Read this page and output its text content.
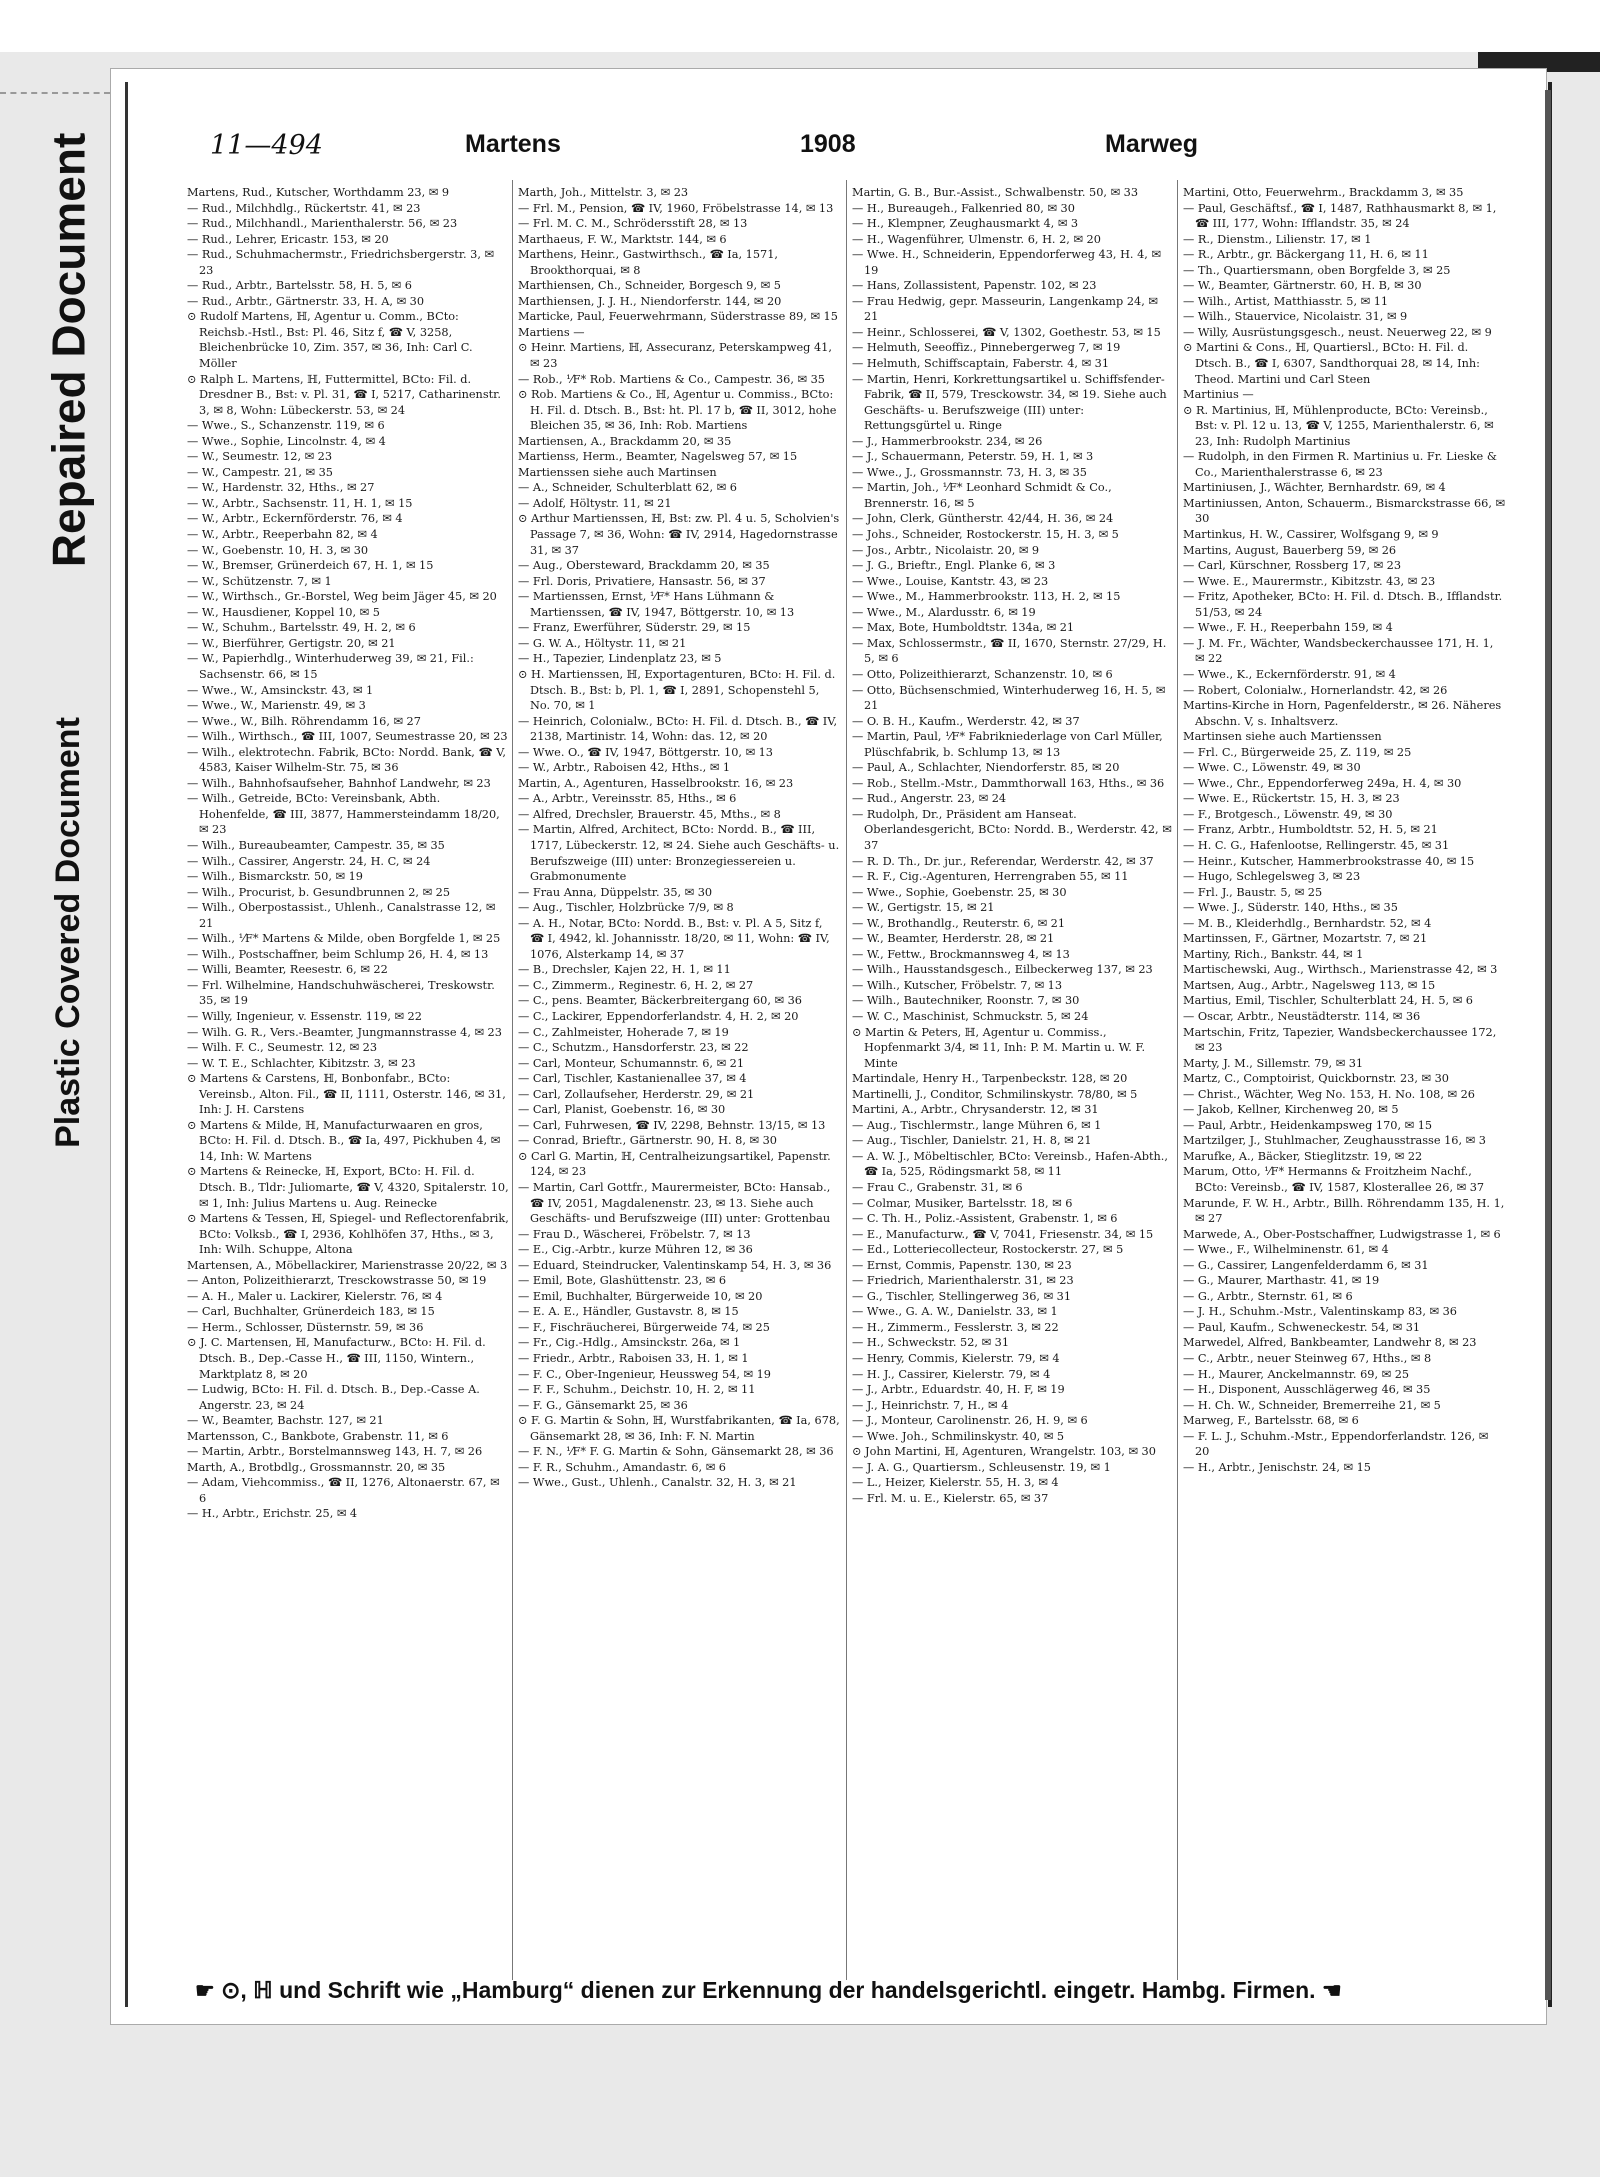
Repaired Document
Plastic Covered Document
11—494	Martens	1908	Marweg

Martens, Rud., Kutscher, Worthdamm 23, ✉ 9

— Rud., Milchhdlg., Rückertstr. 41, ✉ 23

— Rud., Milchhandl., Marienthalerstr. 56, ✉ 23

— Rud., Lehrer, Ericastr. 153, ✉ 20

— Rud., Schuhmachermstr., Friedrichsbergerstr. 3, ✉ 23

— Rud., Arbtr., Bartelsstr. 58, H. 5, ✉ 6

— Rud., Arbtr., Gärtnerstr. 33, H. A, ✉ 30

⊙ Rudolf Martens, ℍ, Agentur u. Comm., BCto: Reichsb.-Hstl., Bst: Pl. 46, Sitz f, ☎ V, 3258, Bleichenbrücke 10, Zim. 357, ✉ 36, Inh: Carl C. Möller

⊙ Ralph L. Martens, ℍ, Futtermittel, BCto: Fil. d. Dresdner B., Bst: v. Pl. 31, ☎ I, 5217, Catharinenstr. 3, ✉ 8, Wohn: Lübeckerstr. 53, ✉ 24

— Wwe., S., Schanzenstr. 119, ✉ 6

— Wwe., Sophie, Lincolnstr. 4, ✉ 4

— W., Seumestr. 12, ✉ 23

— W., Campestr. 21, ✉ 35

— W., Hardenstr. 32, Hths., ✉ 27

— W., Arbtr., Sachsenstr. 11, H. 1, ✉ 15

— W., Arbtr., Eckernförderstr. 76, ✉ 4

— W., Arbtr., Reeperbahn 82, ✉ 4

— W., Goebenstr. 10, H. 3, ✉ 30

— W., Bremser, Grünerdeich 67, H. 1, ✉ 15

— W., Schützenstr. 7, ✉ 1

— W., Wirthsch., Gr.-Borstel, Weg beim Jäger 45, ✉ 20

— W., Hausdiener, Koppel 10, ✉ 5

— W., Schuhm., Bartelsstr. 49, H. 2, ✉ 6

— W., Bierführer, Gertigstr. 20, ✉ 21

— W., Papierhdlg., Winterhuderweg 39, ✉ 21, Fil.: Sachsenstr. 66, ✉ 15

— Wwe., W., Amsinckstr. 43, ✉ 1

— Wwe., W., Marienstr. 49, ✉ 3

— Wwe., W., Bilh. Röhrendamm 16, ✉ 27

— Wilh., Wirthsch., ☎ III, 1007, Seumestrasse 20, ✉ 23

— Wilh., elektrotechn. Fabrik, BCto: Nordd. Bank, ☎ V, 4583, Kaiser Wilhelm-Str. 75, ✉ 36

— Wilh., Bahnhofsaufseher, Bahnhof Landwehr, ✉ 23

— Wilh., Getreide, BCto: Vereinsbank, Abth. Hohenfelde, ☎ III, 3877, Hammersteindamm 18/20, ✉ 23

— Wilh., Bureaubeamter, Campestr. 35, ✉ 35

— Wilh., Cassirer, Angerstr. 24, H. C, ✉ 24

— Wilh., Bismarckstr. 50, ✉ 19

— Wilh., Procurist, b. Gesundbrunnen 2, ✉ 25

— Wilh., Oberpostassist., Uhlenh., Canalstrasse 12, ✉ 21

— Wilh., ⅟F* Martens & Milde, oben Borgfelde 1, ✉ 25

— Wilh., Postschaffner, beim Schlump 26, H. 4, ✉ 13

— Willi, Beamter, Reesestr. 6, ✉ 22

— Frl. Wilhelmine, Handschuhwäscherei, Treskowstr. 35, ✉ 19

— Willy, Ingenieur, v. Essenstr. 119, ✉ 22

— Wilh. G. R., Vers.-Beamter, Jungmannstrasse 4, ✉ 23

— Wilh. F. C., Seumestr. 12, ✉ 23

— W. T. E., Schlachter, Kibitzstr. 3, ✉ 23

⊙ Martens & Carstens, ℍ, Bonbonfabr., BCto: Vereinsb., Alton. Fil., ☎ II, 1111, Osterstr. 146, ✉ 31, Inh: J. H. Carstens

⊙ Martens & Milde, ℍ, Manufacturwaaren en gros, BCto: H. Fil. d. Dtsch. B., ☎ Ia, 497, Pickhuben 4, ✉ 14, Inh: W. Martens

⊙ Martens & Reinecke, ℍ, Export, BCto: H. Fil. d. Dtsch. B., Tldr: Juliomarte, ☎ V, 4320, Spitalerstr. 10, ✉ 1, Inh: Julius Martens u. Aug. Reinecke

⊙ Martens & Tessen, ℍ, Spiegel- und Reflectorenfabrik, BCto: Volksb., ☎ I, 2936, Kohlhöfen 37, Hths., ✉ 3, Inh: Wilh. Schuppe, Altona

Martensen, A., Möbellackirer, Marienstrasse 20/22, ✉ 3

— Anton, Polizeithierarzt, Tresckowstrasse 50, ✉ 19

— A. H., Maler u. Lackirer, Kielerstr. 76, ✉ 4

— Carl, Buchhalter, Grünerdeich 183, ✉ 15

— Herm., Schlosser, Düsternstr. 59, ✉ 36

⊙ J. C. Martensen, ℍ, Manufacturw., BCto: H. Fil. d. Dtsch. B., Dep.-Casse H., ☎ III, 1150, Wintern., Marktplatz 8, ✉ 20

— Ludwig, BCto: H. Fil. d. Dtsch. B., Dep.-Casse A. Angerstr. 23, ✉ 24

— W., Beamter, Bachstr. 127, ✉ 21

Martensson, C., Bankbote, Grabenstr. 11, ✉ 6

— Martin, Arbtr., Borstelmannsweg 143, H. 7, ✉ 26

Marth, A., Brotbdlg., Grossmannstr. 20, ✉ 35

— Adam, Viehcommiss., ☎ II, 1276, Altonaerstr. 67, ✉ 6

— H., Arbtr., Erichstr. 25, ✉ 4

Marth, Joh., Mittelstr. 3, ✉ 23

— Frl. M., Pension, ☎ IV, 1960, Fröbelstrasse 14, ✉ 13

— Frl. M. C. M., Schrödersstift 28, ✉ 13

Marthaeus, F. W., Marktstr. 144, ✉ 6

Marthens, Heinr., Gastwirthsch., ☎ Ia, 1571, Brookthorquai, ✉ 8

Marthiensen, Ch., Schneider, Borgesch 9, ✉ 5

Marthiensen, J. J. H., Niendorferstr. 144, ✉ 20

Marticke, Paul, Feuerwehrmann, Süderstrasse 89, ✉ 15

Martiens —

⊙ Heinr. Martiens, ℍ, Assecuranz, Peterskampweg 41, ✉ 23

— Rob., ⅟F* Rob. Martiens & Co., Campestr. 36, ✉ 35

⊙ Rob. Martiens & Co., ℍ, Agentur u. Commiss., BCto: H. Fil. d. Dtsch. B., Bst: ht. Pl. 17 b, ☎ II, 3012, hohe Bleichen 35, ✉ 36, Inh: Rob. Martiens

Martiensen, A., Brackdamm 20, ✉ 35

Martienss, Herm., Beamter, Nagelsweg 57, ✉ 15

Martienssen siehe auch Martinsen

— A., Schneider, Schulterblatt 62, ✉ 6

— Adolf, Höltystr. 11, ✉ 21

⊙ Arthur Martienssen, ℍ, Bst: zw. Pl. 4 u. 5, Scholvien's Passage 7, ✉ 36, Wohn: ☎ IV, 2914, Hagedornstrasse 31, ✉ 37

— Aug., Obersteward, Brackdamm 20, ✉ 35

— Frl. Doris, Privatiere, Hansastr. 56, ✉ 37

— Martienssen, Ernst, ⅟F* Hans Lühmann & Martienssen, ☎ IV, 1947, Böttgerstr. 10, ✉ 13

— Franz, Ewerführer, Süderstr. 29, ✉ 15

— G. W. A., Höltystr. 11, ✉ 21

— H., Tapezier, Lindenplatz 23, ✉ 5

⊙ H. Martienssen, ℍ, Exportagenturen, BCto: H. Fil. d. Dtsch. B., Bst: b, Pl. 1, ☎ I, 2891, Schopenstehl 5, No. 70, ✉ 1

— Heinrich, Colonialw., BCto: H. Fil. d. Dtsch. B., ☎ IV, 2138, Martinistr. 14, Wohn: das. 12, ✉ 20

— Wwe. O., ☎ IV, 1947, Böttgerstr. 10, ✉ 13

— W., Arbtr., Raboisen 42, Hths., ✉ 1

Martin, A., Agenturen, Hasselbrookstr. 16, ✉ 23

— A., Arbtr., Vereinsstr. 85, Hths., ✉ 6

— Alfred, Drechsler, Brauerstr. 45, Mths., ✉ 8

— Martin, Alfred, Architect, BCto: Nordd. B., ☎ III, 1717, Lübeckerstr. 12, ✉ 24. Siehe auch Geschäfts- u. Berufszweige (III) unter: Bronzegiessereien u. Grabmonumente

— Frau Anna, Düppelstr. 35, ✉ 30

— Aug., Tischler, Holzbrücke 7/9, ✉ 8

— A. H., Notar, BCto: Nordd. B., Bst: v. Pl. A 5, Sitz f, ☎ I, 4942, kl. Johannisstr. 18/20, ✉ 11, Wohn: ☎ IV, 1076, Alsterkamp 14, ✉ 37

— B., Drechsler, Kajen 22, H. 1, ✉ 11

— C., Zimmerm., Reginestr. 6, H. 2, ✉ 27

— C., pens. Beamter, Bäckerbreitergang 60, ✉ 36

— C., Lackirer, Eppendorferlandstr. 4, H. 2, ✉ 20

— C., Zahlmeister, Hoherade 7, ✉ 19

— C., Schutzm., Hansdorferstr. 23, ✉ 22

— Carl, Monteur, Schumannstr. 6, ✉ 21

— Carl, Tischler, Kastanienallee 37, ✉ 4

— Carl, Zollaufseher, Herderstr. 29, ✉ 21

— Carl, Planist, Goebenstr. 16, ✉ 30

— Carl, Fuhrwesen, ☎ IV, 2298, Behnstr. 13/15, ✉ 13

— Conrad, Brieftr., Gärtnerstr. 90, H. 8, ✉ 30

⊙ Carl G. Martin, ℍ, Centralheizungsartikel, Papenstr. 124, ✉ 23

— Martin, Carl Gottfr., Maurermeister, BCto: Hansab., ☎ IV, 2051, Magdalenenstr. 23, ✉ 13. Siehe auch Geschäfts- und Berufszweige (III) unter: Grottenbau

— Frau D., Wäscherei, Fröbelstr. 7, ✉ 13

— E., Cig.-Arbtr., kurze Mühren 12, ✉ 36

— Eduard, Steindrucker, Valentinskamp 54, H. 3, ✉ 36

— Emil, Bote, Glashüttenstr. 23, ✉ 6

— Emil, Buchhalter, Bürgerweide 10, ✉ 20

— E. A. E., Händler, Gustavstr. 8, ✉ 15

— F., Fischräucherei, Bürgerweide 74, ✉ 25

— Fr., Cig.-Hdlg., Amsinckstr. 26a, ✉ 1

— Friedr., Arbtr., Raboisen 33, H. 1, ✉ 1

— F. C., Ober-Ingenieur, Heussweg 54, ✉ 19

— F. F., Schuhm., Deichstr. 10, H. 2, ✉ 11

— F. G., Gänsemarkt 25, ✉ 36

⊙ F. G. Martin & Sohn, ℍ, Wurstfabrikanten, ☎ Ia, 678, Gänsemarkt 28, ✉ 36, Inh: F. N. Martin

— F. N., ⅟F* F. G. Martin & Sohn, Gänsemarkt 28, ✉ 36

— F. R., Schuhm., Amandastr. 6, ✉ 6

— Wwe., Gust., Uhlenh., Canalstr. 32, H. 3, ✉ 21

Martin, G. B., Bur.-Assist., Schwalbenstr. 50, ✉ 33

— H., Bureaugeh., Falkenried 80, ✉ 30

— H., Klempner, Zeughausmarkt 4, ✉ 3

— H., Wagenführer, Ulmenstr. 6, H. 2, ✉ 20

— Wwe. H., Schneiderin, Eppendorferweg 43, H. 4, ✉ 19

— Hans, Zollassistent, Papenstr. 102, ✉ 23

— Frau Hedwig, gepr. Masseurin, Langenkamp 24, ✉ 21

— Heinr., Schlosserei, ☎ V, 1302, Goethestr. 53, ✉ 15

— Helmuth, Seeoffiz., Pinnebergerweg 7, ✉ 19

— Helmuth, Schiffscaptain, Faberstr. 4, ✉ 31

— Martin, Henri, Korkrettungsartikel u. Schiffsfender-Fabrik, ☎ II, 579, Tresckowstr. 34, ✉ 19. Siehe auch Geschäfts- u. Berufszweige (III) unter: Rettungsgürtel u. Ringe

— J., Hammerbrookstr. 234, ✉ 26

— J., Schauermann, Peterstr. 59, H. 1, ✉ 3

— Wwe., J., Grossmannstr. 73, H. 3, ✉ 35

— Martin, Joh., ⅟F* Leonhard Schmidt & Co., Brennerstr. 16, ✉ 5

— John, Clerk, Güntherstr. 42/44, H. 36, ✉ 24

— Johs., Schneider, Rostockerstr. 15, H. 3, ✉ 5

— Jos., Arbtr., Nicolaistr. 20, ✉ 9

— J. G., Brieftr., Engl. Planke 6, ✉ 3

— Wwe., Louise, Kantstr. 43, ✉ 23

— Wwe., M., Hammerbrookstr. 113, H. 2, ✉ 15

— Wwe., M., Alardusstr. 6, ✉ 19

— Max, Bote, Humboldtstr. 134a, ✉ 21

— Max, Schlossermstr., ☎ II, 1670, Sternstr. 27/29, H. 5, ✉ 6

— Otto, Polizeithierarzt, Schanzenstr. 10, ✉ 6

— Otto, Büchsenschmied, Winterhuderweg 16, H. 5, ✉ 21

— O. B. H., Kaufm., Werderstr. 42, ✉ 37

— Martin, Paul, ⅟F* Fabrikniederlage von Carl Müller, Plüschfabrik, b. Schlump 13, ✉ 13

— Paul, A., Schlachter, Niendorferstr. 85, ✉ 20

— Rob., Stellm.-Mstr., Dammthorwall 163, Hths., ✉ 36

— Rud., Angerstr. 23, ✉ 24

— Rudolph, Dr., Präsident am Hanseat. Oberlandesgericht, BCto: Nordd. B., Werderstr. 42, ✉ 37

— R. D. Th., Dr. jur., Referendar, Werderstr. 42, ✉ 37

— R. F., Cig.-Agenturen, Herrengraben 55, ✉ 11

— Wwe., Sophie, Goebenstr. 25, ✉ 30

— W., Gertigstr. 15, ✉ 21

— W., Brothandlg., Reuterstr. 6, ✉ 21

— W., Beamter, Herderstr. 28, ✉ 21

— W., Fettw., Brockmannsweg 4, ✉ 13

— Wilh., Hausstandsgesch., Eilbeckerweg 137, ✉ 23

— Wilh., Kutscher, Fröbelstr. 7, ✉ 13

— Wilh., Bautechniker, Roonstr. 7, ✉ 30

— W. C., Maschinist, Schmuckstr. 5, ✉ 24

⊙ Martin & Peters, ℍ, Agentur u. Commiss., Hopfenmarkt 3/4, ✉ 11, Inh: P. M. Martin u. W. F. Minte

Martindale, Henry H., Tarpenbeckstr. 128, ✉ 20

Martinelli, J., Conditor, Schmilinskystr. 78/80, ✉ 5

Martini, A., Arbtr., Chrysanderstr. 12, ✉ 31

— Aug., Tischlermstr., lange Mühren 6, ✉ 1

— Aug., Tischler, Danielstr. 21, H. 8, ✉ 21

— A. W. J., Möbeltischler, BCto: Vereinsb., Hafen-Abth., ☎ Ia, 525, Rödingsmarkt 58, ✉ 11

— Frau C., Grabenstr. 31, ✉ 6

— Colmar, Musiker, Bartelsstr. 18, ✉ 6

— C. Th. H., Poliz.-Assistent, Grabenstr. 1, ✉ 6

— E., Manufacturw., ☎ V, 7041, Friesenstr. 34, ✉ 15

— Ed., Lotteriecollecteur, Rostockerstr. 27, ✉ 5

— Ernst, Commis, Papenstr. 130, ✉ 23

— Friedrich, Marienthalerstr. 31, ✉ 23

— G., Tischler, Stellingerweg 36, ✉ 31

— Wwe., G. A. W., Danielstr. 33, ✉ 1

— H., Zimmerm., Fesslerstr. 3, ✉ 22

— H., Schweckstr. 52, ✉ 31

— Henry, Commis, Kielerstr. 79, ✉ 4

— H. J., Cassirer, Kielerstr. 79, ✉ 4

— J., Arbtr., Eduardstr. 40, H. F, ✉ 19

— J., Heinrichstr. 7, H., ✉ 4

— J., Monteur, Carolinenstr. 26, H. 9, ✉ 6

— Wwe. Joh., Schmilinskystr. 40, ✉ 5

⊙ John Martini, ℍ, Agenturen, Wrangelstr. 103, ✉ 30

— J. A. G., Quartiersm., Schleusenstr. 19, ✉ 1

— L., Heizer, Kielerstr. 55, H. 3, ✉ 4

— Frl. M. u. E., Kielerstr. 65, ✉ 37

Martini, Otto, Feuerwehrm., Brackdamm 3, ✉ 35

— Paul, Geschäftsf., ☎ I, 1487, Rathhausmarkt 8, ✉ 1, ☎ III, 177, Wohn: Ifflandstr. 35, ✉ 24

— R., Dienstm., Lilienstr. 17, ✉ 1

— R., Arbtr., gr. Bäckergang 11, H. 6, ✉ 11

— Th., Quartiersmann, oben Borgfelde 3, ✉ 25

— W., Beamter, Gärtnerstr. 60, H. B, ✉ 30

— Wilh., Artist, Matthiasstr. 5, ✉ 11

— Wilh., Stauervice, Nicolaistr. 31, ✉ 9

— Willy, Ausrüstungsgesch., neust. Neuerweg 22, ✉ 9

⊙ Martini & Cons., ℍ, Quartiersl., BCto: H. Fil. d. Dtsch. B., ☎ I, 6307, Sandthorquai 28, ✉ 14, Inh: Theod. Martini und Carl Steen

Martinius —

⊙ R. Martinius, ℍ, Mühlenproducte, BCto: Vereinsb., Bst: v. Pl. 12 u. 13, ☎ V, 1255, Marienthalerstr. 6, ✉ 23, Inh: Rudolph Martinius

— Rudolph, in den Firmen R. Martinius u. Fr. Lieske & Co., Marienthalerstrasse 6, ✉ 23

Martiniusen, J., Wächter, Bernhardstr. 69, ✉ 4

Martiniussen, Anton, Schauerm., Bismarckstrasse 66, ✉ 30

Martinkus, H. W., Cassirer, Wolfsgang 9, ✉ 9

Martins, August, Bauerberg 59, ✉ 26

— Carl, Kürschner, Rossberg 17, ✉ 23

— Wwe. E., Maurermstr., Kibitzstr. 43, ✉ 23

— Fritz, Apotheker, BCto: H. Fil. d. Dtsch. B., Ifflandstr. 51/53, ✉ 24

— Wwe., F. H., Reeperbahn 159, ✉ 4

— J. M. Fr., Wächter, Wandsbeckerchaussee 171, H. 1, ✉ 22

— Wwe., K., Eckernförderstr. 91, ✉ 4

— Robert, Colonialw., Hornerlandstr. 42, ✉ 26

Martins-Kirche in Horn, Pagenfelderstr., ✉ 26. Näheres Abschn. V, s. Inhaltsverz.

Martinsen siehe auch Martienssen

— Frl. C., Bürgerweide 25, Z. 119, ✉ 25

— Wwe. C., Löwenstr. 49, ✉ 30

— Wwe., Chr., Eppendorferweg 249a, H. 4, ✉ 30

— Wwe. E., Rückertstr. 15, H. 3, ✉ 23

— F., Brotgesch., Löwenstr. 49, ✉ 30

— Franz, Arbtr., Humboldtstr. 52, H. 5, ✉ 21

— H. C. G., Hafenlootse, Rellingerstr. 45, ✉ 31

— Heinr., Kutscher, Hammerbrookstrasse 40, ✉ 15

— Hugo, Schlegelsweg 3, ✉ 23

— Frl. J., Baustr. 5, ✉ 25

— Wwe. J., Süderstr. 140, Hths., ✉ 35

— M. B., Kleiderhdlg., Bernhardstr. 52, ✉ 4

Martinssen, F., Gärtner, Mozartstr. 7, ✉ 21

Martiny, Rich., Bankstr. 44, ✉ 1

Martischewski, Aug., Wirthsch., Marienstrasse 42, ✉ 3

Martsen, Aug., Arbtr., Nagelsweg 113, ✉ 15

Martius, Emil, Tischler, Schulterblatt 24, H. 5, ✉ 6

— Oscar, Arbtr., Neustädterstr. 114, ✉ 36

Martschin, Fritz, Tapezier, Wandsbeckerchaussee 172, ✉ 23

Marty, J. M., Sillemstr. 79, ✉ 31

Martz, C., Comptoirist, Quickbornstr. 23, ✉ 30

— Christ., Wächter, Weg No. 153, H. No. 108, ✉ 26

— Jakob, Kellner, Kirchenweg 20, ✉ 5

— Paul, Arbtr., Heidenkampsweg 170, ✉ 15

Martzilger, J., Stuhlmacher, Zeughausstrasse 16, ✉ 3

Marufke, A., Bäcker, Stieglitzstr. 19, ✉ 22

Marum, Otto, ⅟F* Hermanns & Froitzheim Nachf., BCto: Vereinsb., ☎ IV, 1587, Klosterallee 26, ✉ 37

Marunde, F. W. H., Arbtr., Billh. Röhrendamm 135, H. 1, ✉ 27

Marwede, A., Ober-Postschaffner, Ludwigstrasse 1, ✉ 6

— Wwe., F., Wilhelminenstr. 61, ✉ 4

— G., Cassirer, Langenfelderdamm 6, ✉ 31

— G., Maurer, Marthastr. 41, ✉ 19

— G., Arbtr., Sternstr. 61, ✉ 6

— J. H., Schuhm.-Mstr., Valentinskamp 83, ✉ 36

— Paul, Kaufm., Schweneckestr. 54, ✉ 31

Marwedel, Alfred, Bankbeamter, Landwehr 8, ✉ 23

— C., Arbtr., neuer Steinweg 67, Hths., ✉ 8

— H., Maurer, Anckelmannstr. 69, ✉ 25

— H., Disponent, Ausschlägerweg 46, ✉ 35

— H. Ch. W., Schneider, Bremerreihe 21, ✉ 5

Marweg, F., Bartelsstr. 68, ✉ 6

— F. L. J., Schuhm.-Mstr., Eppendorferlandstr. 126, ✉ 20

— H., Arbtr., Jenischstr. 24, ✉ 15

☛ ⊙, ℍ und Schrift wie „Hamburg“ dienen zur Erkennung der handelsgerichtl. eingetr. Hambg. Firmen. ☚
